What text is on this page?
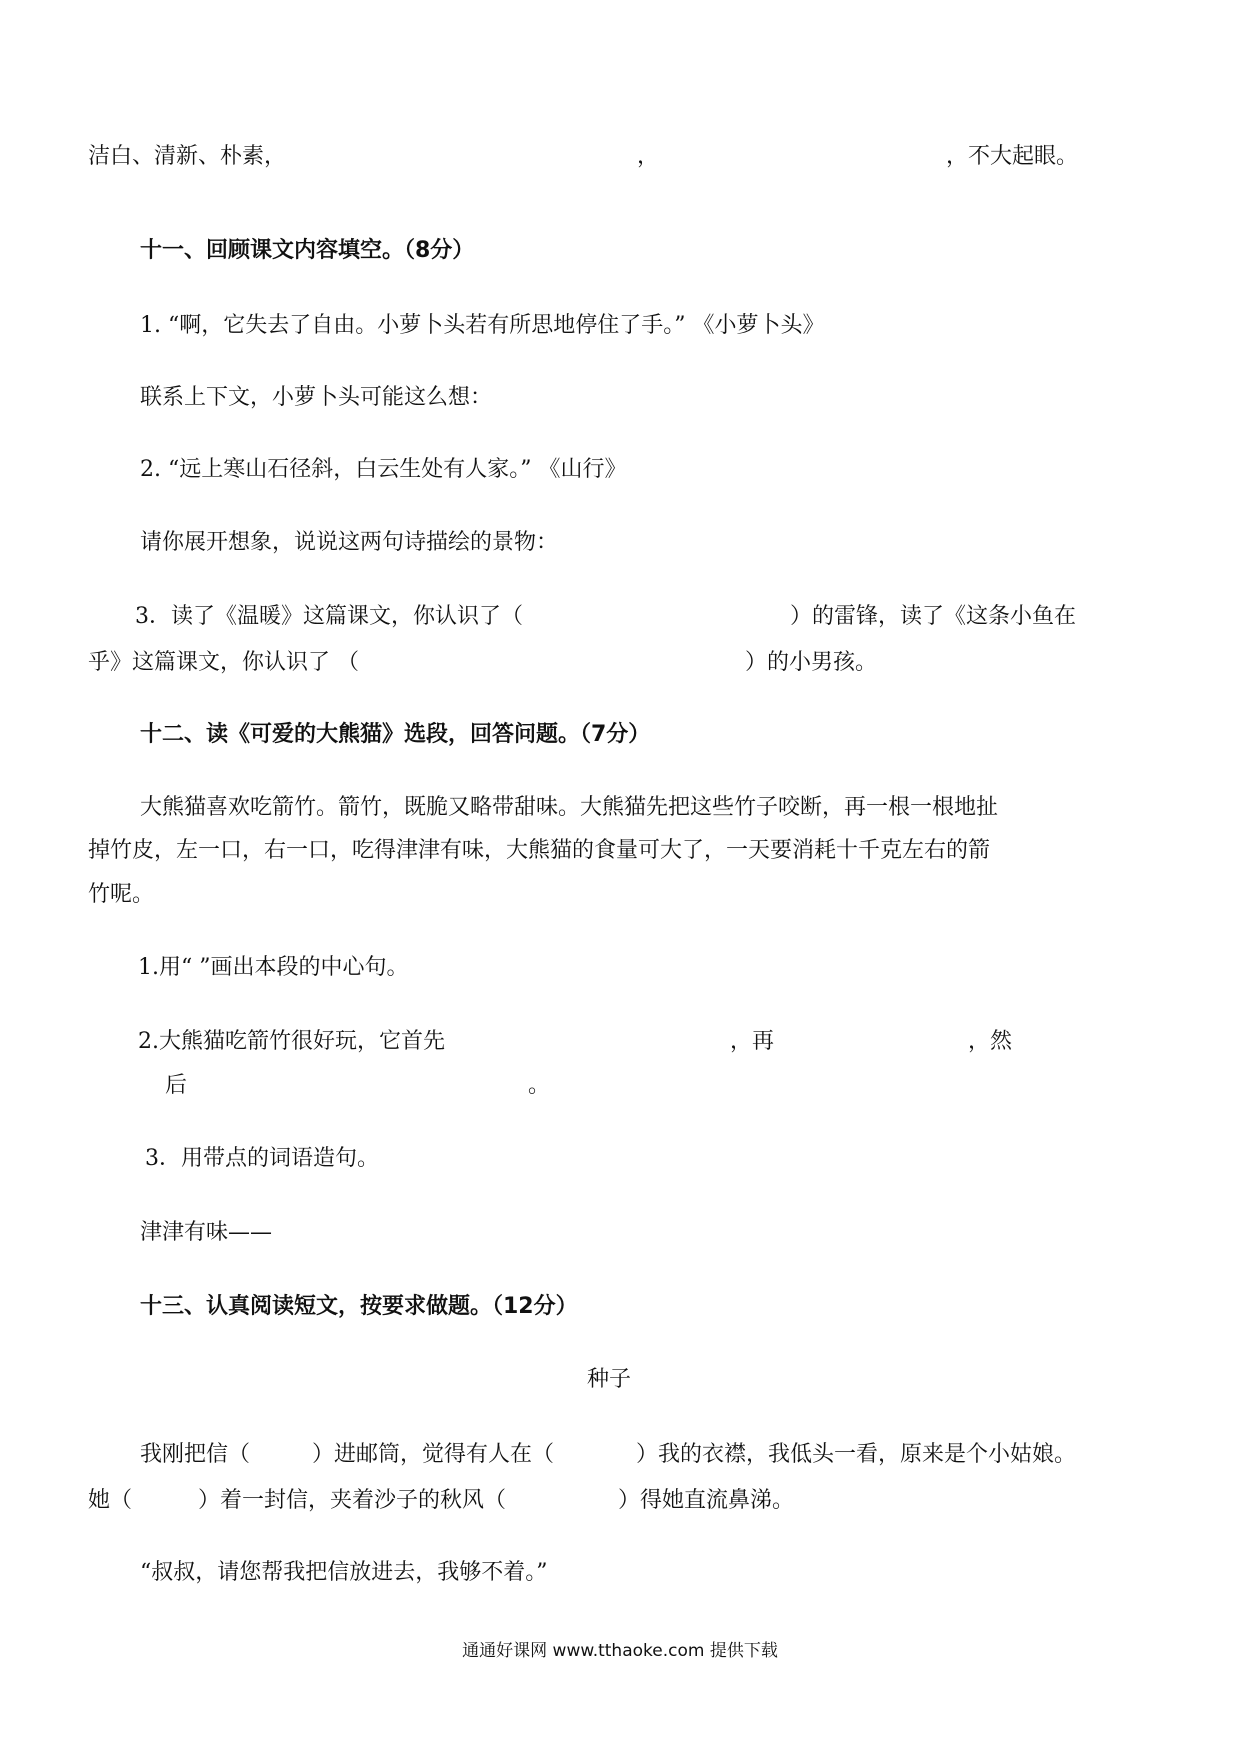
洁白、清新、朴素，	，	，不大起眼。
十一、回顾课文内容填空。（8分）
1. “啊，它失去了自由。小萝卜头若有所思地停住了手。” 《小萝卜头》
联系上下文，小萝卜头可能这么想：
2. “远上寒山石径斜，白云生处有人家。” 《山行》
请你展开想象，说说这两句诗描绘的景物：
3．读了《温暖》这篇课文，你认识了（	）的雷锋，读了《这条小鱼在
乎》这篇课文，你认识了 （	）的小男孩。
十二、读《可爱的大熊猫》选段，回答问题。（7分）
大熊猫喜欢吃箭竹。箭竹，既脆又略带甜味。大熊猫先把这些竹子咬断，再一根一根地扯
掉竹皮，左一口，右一口，吃得津津有味，大熊猫的食量可大了，一天要消耗十千克左右的箭
竹呢。
1.用“ ”画出本段的中心句。
2.大熊猫吃箭竹很好玩，它首先	，再	，然
后	。
3．用带点的词语造句。
津津有味——
十三、认真阅读短文，按要求做题。（12分）
种子
我刚把信（	）进邮筒，觉得有人在（	）我的衣襟，我低头一看，原来是个小姑娘。
她（	）着一封信，夹着沙子的秋风（	）得她直流鼻涕。
“叔叔，请您帮我把信放进去，我够不着。”
通通好课网 www.tthaoke.com 提供下载
